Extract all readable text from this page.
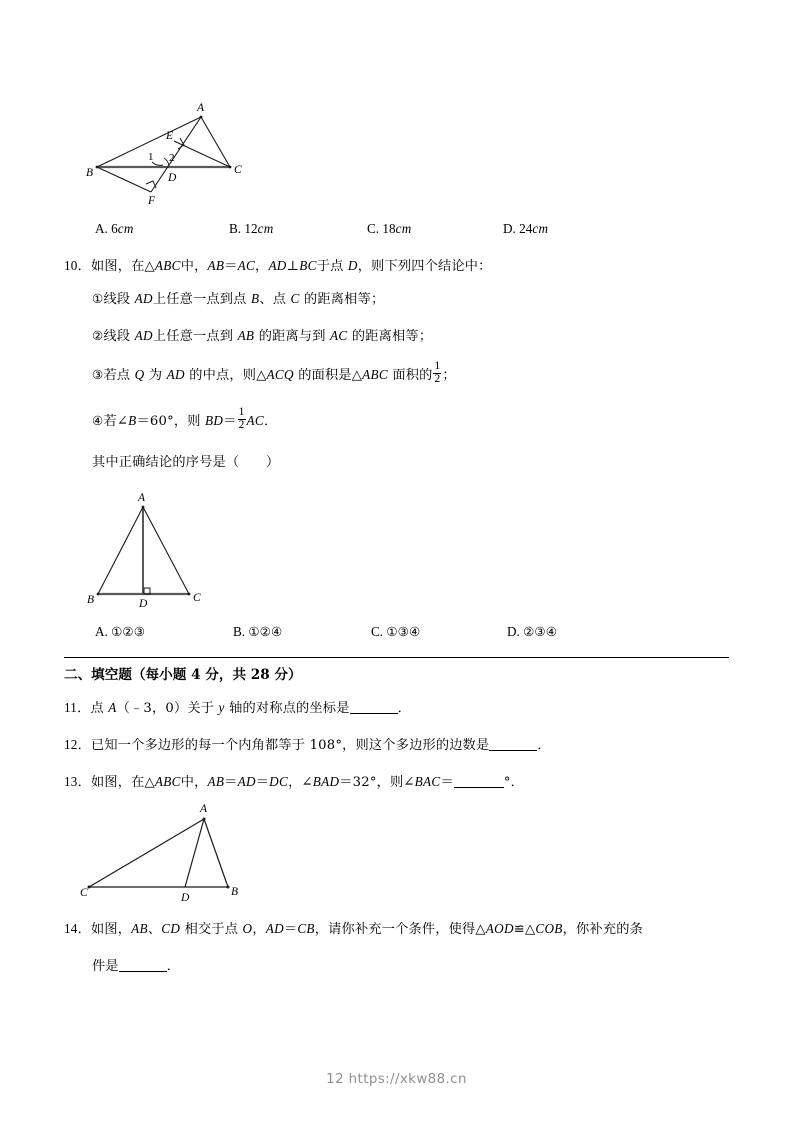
A
B	C
D
E
F
1 2
A. 6cm	B. 12cm	C. 18cm	D. 24cm
10．如图，在△ABC中，AB＝AC，AD⊥BC于点 D，则下列四个结论中：
①线段 AD上任意一点到点 B、点 C 的距离相等；
②线段 AD上任意一点到 AB 的距离与到 AC 的距离相等；
③若点 Q 为 AD 的中点，则△ACQ 的面积是△ABC 面积的 $\frac{1}{2}$ ；
④若∠B＝60°，则 $BD= \frac{1}{2}$ AC．
其中正确结论的序号是（　　）
A
B	C
D
A. ①②③	B. ①②④	C. ①③④	D. ②③④
二、填空题（每小题 4 分，共 28 分）
11．点 A（﹣3，0）关于 y 轴的对称点的坐标是	．
12．已知一个多边形的每一个内角都等于 108°，则这个多边形的边数是	．
13．如图，在△ABC中，AB＝AD＝DC，∠BAD＝32°，则∠BAC＝	°．
A
C	B
D
14．如图，AB、CD 相交于点 O，AD＝CB，请你补充一个条件，使得△AOD≌△COB，你补充的条
件是	．
12 https://xkw88.cn
